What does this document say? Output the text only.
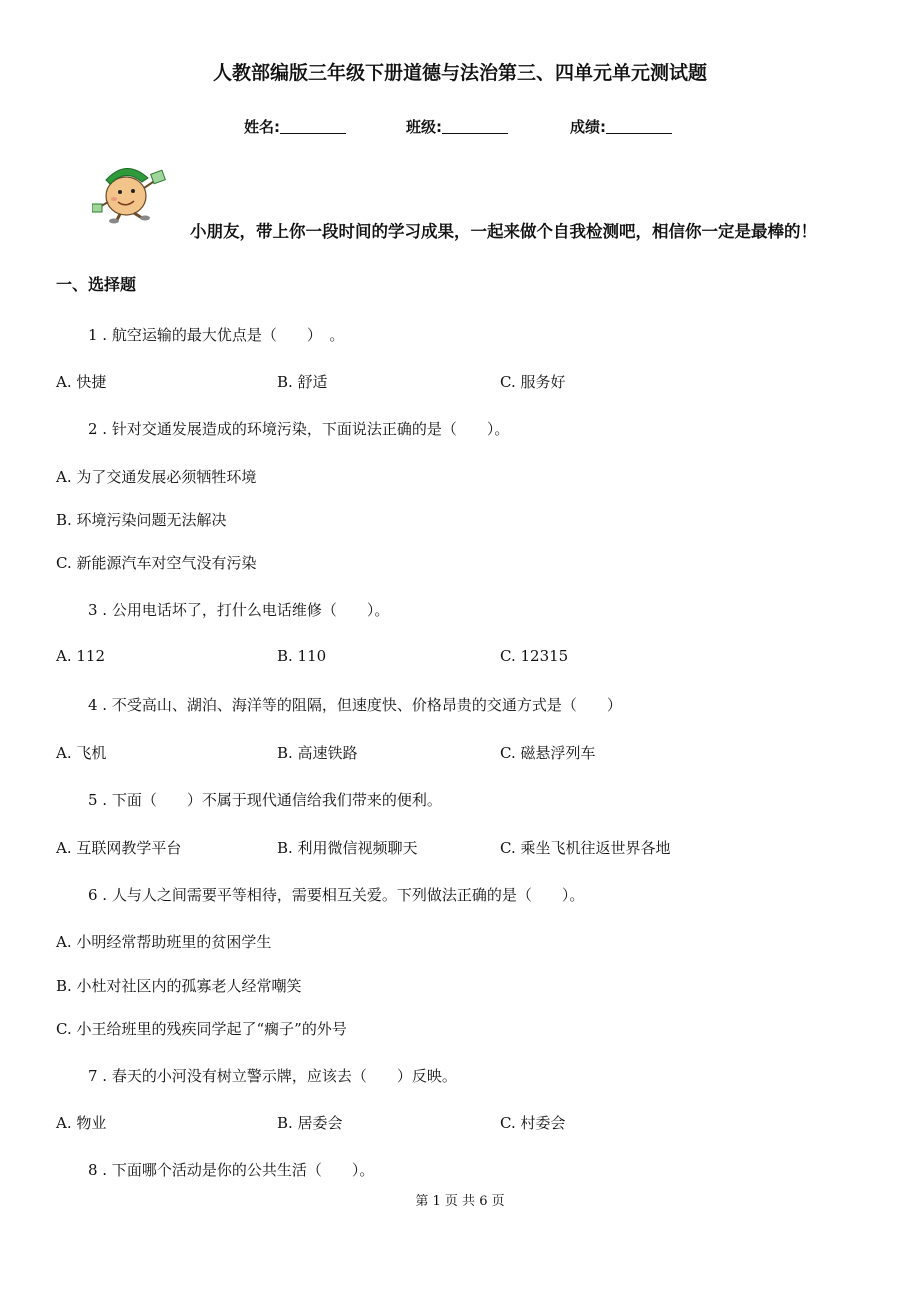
人教部编版三年级下册道德与法治第三、四单元单元测试题
姓名:	班级:	成绩:
小朋友，带上你一段时间的学习成果，一起来做个自我检测吧，相信你一定是最棒的！
一、选择题
1 . 航空运输的最大优点是（　　）　。
A. 快捷	B. 舒适	C. 服务好
2 . 针对交通发展造成的环境污染，下面说法正确的是（　　）。
A. 为了交通发展必须牺牲环境
B. 环境污染问题无法解决
C. 新能源汽车对空气没有污染
3 . 公用电话坏了，打什么电话维修（　　）。
A. 112	B. 110	C. 12315
4 . 不受高山、湖泊、海洋等的阻隔，但速度快、价格昂贵的交通方式是（　　）
A. 飞机	B. 高速铁路	C. 磁悬浮列车
5 . 下面（　　）不属于现代通信给我们带来的便利。
A. 互联网教学平台	B. 利用微信视频聊天	C. 乘坐飞机往返世界各地
6 . 人与人之间需要平等相待，需要相互关爱。下列做法正确的是（　　）。
A. 小明经常帮助班里的贫困学生
B. 小杜对社区内的孤寡老人经常嘲笑
C. 小王给班里的残疾同学起了“瘸子”的外号
7 . 春天的小河没有树立警示牌，应该去（　　）反映。
A. 物业	B. 居委会	C. 村委会
8 . 下面哪个活动是你的公共生活（　　）。
第 1 页 共 6 页
